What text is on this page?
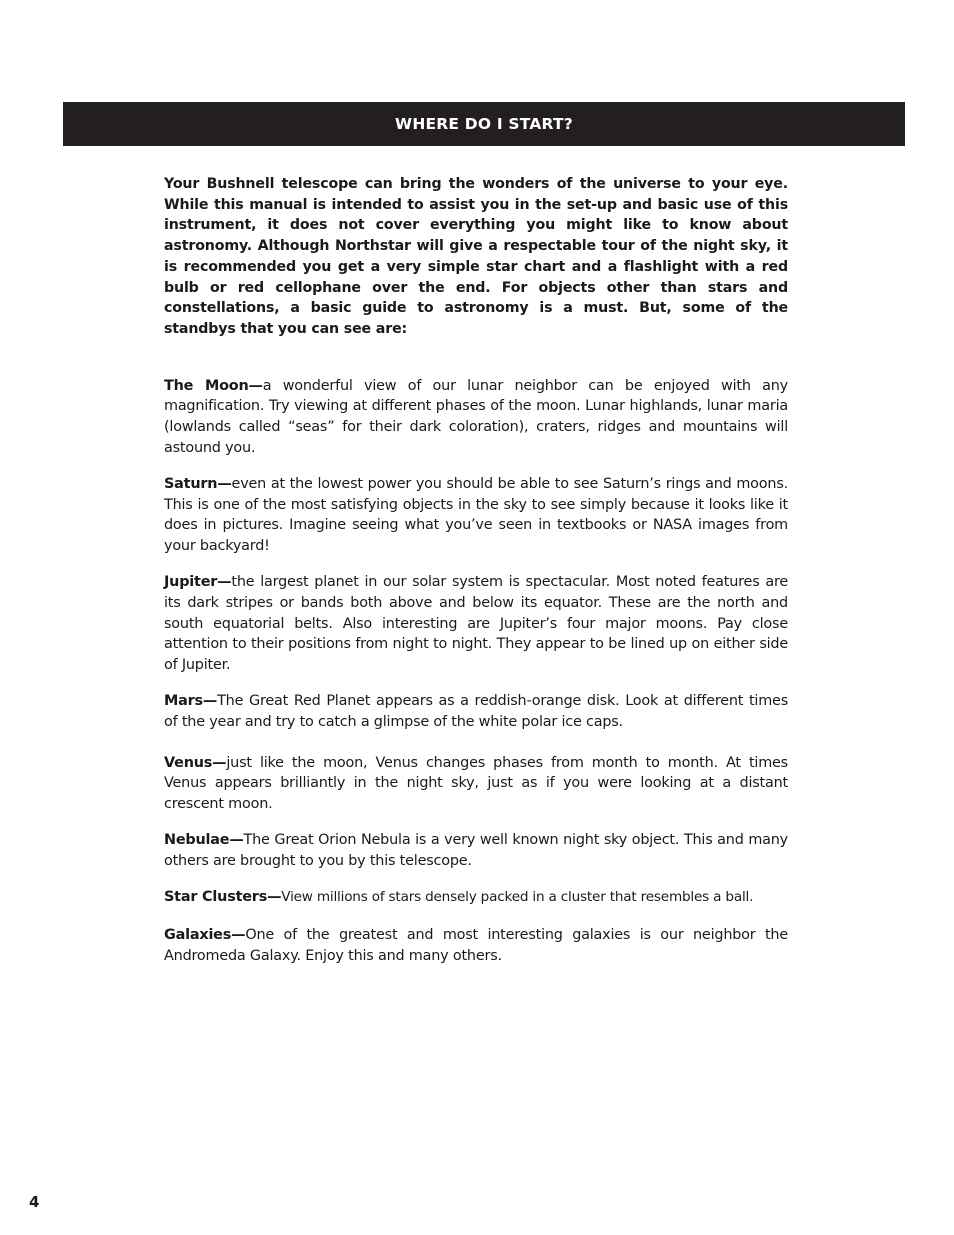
WHERE DO I START?

Your Bushnell telescope can bring the wonders of the universe to your eye. While this manual is intended to assist you in the set-up and basic use of this instrument, it does not cover everything you might like to know about astronomy. Although Northstar will give a respectable tour of the night sky, it is recommended you get a very simple star chart and a flashlight with a red bulb or red cellophane over the end. For objects other than stars and constellations, a basic guide to astronomy is a must. But, some of the standbys that you can see are:

The Moon—a wonderful view of our lunar neighbor can be enjoyed with any magnification. Try viewing at different phases of the moon. Lunar highlands, lunar maria (lowlands called “seas” for their dark coloration), craters, ridges and mountains will astound you.

Saturn—even at the lowest power you should be able to see Saturn’s rings and moons. This is one of the most satisfying objects in the sky to see simply because it looks like it does in pictures. Imagine seeing what you’ve seen in textbooks or NASA images from your backyard!

Jupiter—the largest planet in our solar system is spectacular. Most noted features are its dark stripes or bands both above and below its equator. These are the north and south equatorial belts. Also interesting are Jupiter’s four major moons. Pay close attention to their positions from night to night. They appear to be lined up on either side of Jupiter.

Mars—The Great Red Planet appears as a reddish-orange disk. Look at different times of the year and try to catch a glimpse of the white polar ice caps.

Venus—just like the moon, Venus changes phases from month to month. At times Venus appears brilliantly in the night sky, just as if you were looking at a distant crescent moon.

Nebulae—The Great Orion Nebula is a very well known night sky object. This and many others are brought to you by this telescope.

Star Clusters—View millions of stars densely packed in a cluster that resembles a ball.

Galaxies—One of the greatest and most interesting galaxies is our neighbor the Andromeda Galaxy. Enjoy this and many others.

4
